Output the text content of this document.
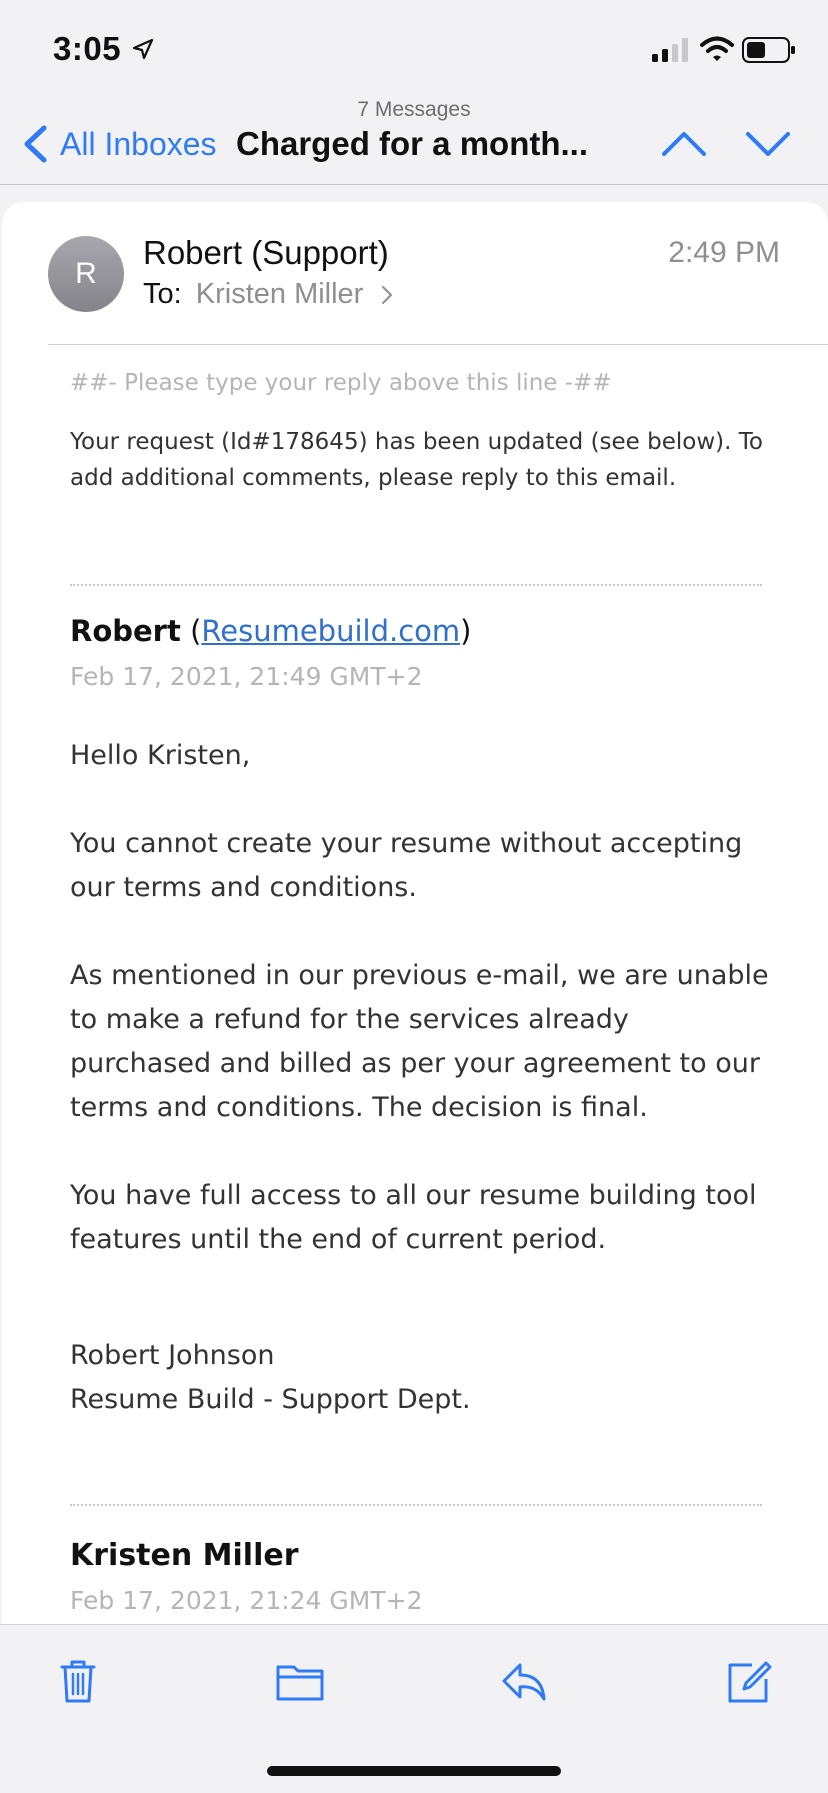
3:05
7 Messages
All Inboxes Charged for a month...
R
Robert (Support)	2:49 PM
To: Kristen Miller
##- Please type your reply above this line -##
Your request (Id#178645) has been updated (see below). To add additional comments, please reply to this email.
Robert (Resumebuild.com)
Feb 17, 2021, 21:49 GMT+2
Hello Kristen,
You cannot create your resume without accepting our terms and conditions.
As mentioned in our previous e-mail, we are unable to make a refund for the services already purchased and billed as per your agreement to our terms and conditions. The decision is final.
You have full access to all our resume building tool features until the end of current period.
Robert Johnson
Resume Build - Support Dept.
Kristen Miller
Feb 17, 2021, 21:24 GMT+2
